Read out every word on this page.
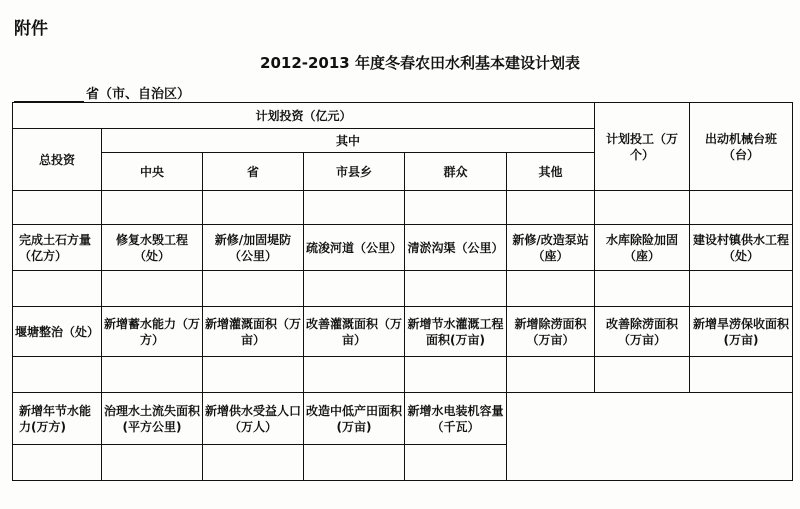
附件
2012-2013 年度冬春农田水利基本建设计划表
省（市、自治区）
计划投资（亿元）						计划投工（万个）	出动机械台班（台）
总投资	其中						
	中央	省	市县乡	群众	其他		

完成土石方量（亿方）	修复水毁工程（处）	新修/加固堤防（公里）	疏浚河道（公里）	清淤沟渠（公里）	新修/改造泵站（座）	水库除险加固（座）	建设村镇供水工程（处）

堰塘整治（处）	新增蓄水能力（万方）	新增灌溉面积（万亩）	改善灌溉面积（万亩）	新增节水灌溉工程面积(万亩)	新增除涝面积（万亩）	改善除涝面积（万亩）	新增旱涝保收面积(万亩)

新增年节水能力(万方)	治理水土流失面积(平方公里)	新增供水受益人口（万人）	改造中低产田面积(万亩)	新增水电装机容量（千瓦）			
